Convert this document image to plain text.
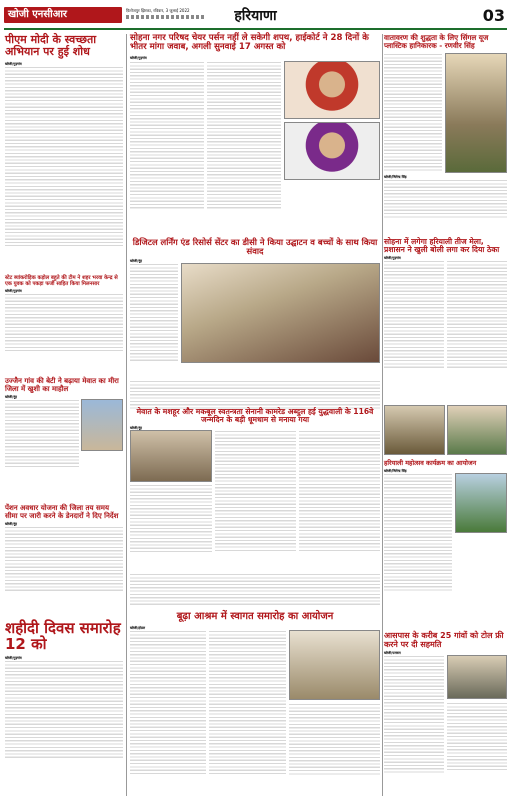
खोजी एनसीआर	फ़िरोजपुर झिरका, रविवार, 3 जुलाई 2022	हरियाणा	03
पीएम मोदी के स्वच्छता अभियान पर हुई शोध
खोजी/गुड़गांव
स्टेट ब्यांकरोड़िक कड़ोल बहुते की टीम ने शहर भरवा केन्द्र से एक युवक को पकड़ा फर्जी साहित किया मिलनसार
खोजी/गुड़गांव
उज्जैन गांव की बेटी ने बढ़ाया मेवात का मीरा जिला में खुशी का माहौल
खोजी/नूंह
पेंशन अवधार योजना की जिला तय समय सीमा पर जारी करने के डेनदारों ने दिए निर्देश
खोजी/नूंह
शहीदी दिवस समारोह 12 को
खोजी/गुड़गांव
सोहना नगर परिषद चेयर पर्सन नहीं ले सकेगी शपथ, हाईकोर्ट ने 28 दिनों के भीतर मांगा जवाब, अगली सुनवाई 17 अगस्त को
खोजी/गुड़गांव
वातावरण की शुद्धता के लिए सिंगल यूज प्लास्टिक हानिकारक - रणवीर सिंह
खोजी/जितेन्द्र सिंह
डिजिटल लर्निंग एंड रिसोर्स सेंटर का डीसी ने किया उद्घाटन व बच्चों के साथ किया संवाद
खोजी/नूंह
सोहना में लगेगा हरियाली तीज मेला, प्रशासन ने खुली बोली लगा कर दिया ठेका
खोजी/गुड़गांव
मेवात के मशहूर और मकबूल स्वतन्त्रता सेनानी कामरेड अब्दुल हई युद्धवाली के 116वे जन्मदिन के बड़ी धूमधाम से मनाया गया
खोजी/नूंह
हरियाली महोत्सव कार्यक्रम का आयोजन
खोजी/जितेन्द्र सिंह
बूढ़ा आश्रम में स्वागत समारोह का आयोजन
खोजी/होडल
आसपास के करीब 25 गांवों को टोल फ्री करने पर दी सहमति
खोजी/पलवल
